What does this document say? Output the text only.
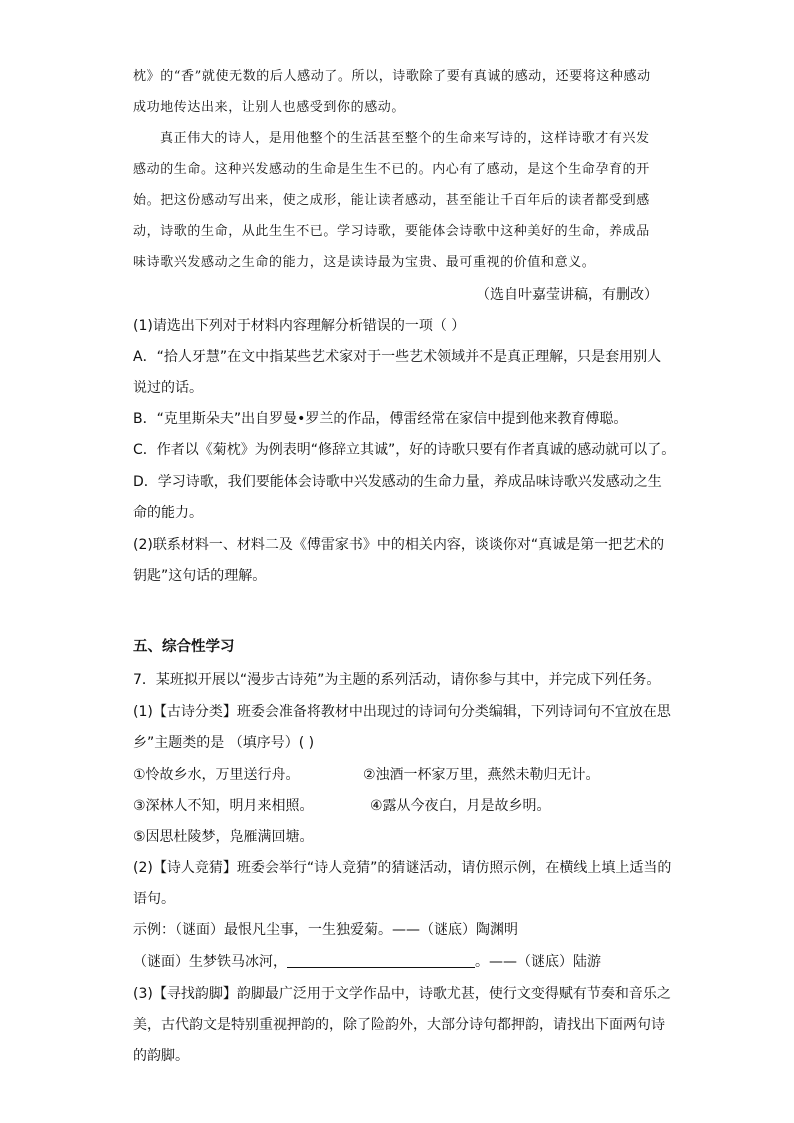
枕》的“香”就使无数的后人感动了。所以，诗歌除了要有真诚的感动，还要将这种感动
成功地传达出来，让别人也感受到你的感动。
真正伟大的诗人，是用他整个的生活甚至整个的生命来写诗的，这样诗歌才有兴发
感动的生命。这种兴发感动的生命是生生不已的。内心有了感动，是这个生命孕育的开
始。把这份感动写出来，使之成形，能让读者感动，甚至能让千百年后的读者都受到感
动，诗歌的生命，从此生生不已。学习诗歌，要能体会诗歌中这种美好的生命，养成品
味诗歌兴发感动之生命的能力，这是读诗最为宝贵、最可重视的价值和意义。
（选自叶嘉莹讲稿，有删改）
(1)请选出下列对于材料内容理解分析错误的一项（ ）
A．“拾人牙慧”在文中指某些艺术家对于一些艺术领域并不是真正理解，只是套用别人
说过的话。
B．“克里斯朵夫”出自罗曼•罗兰的作品，傅雷经常在家信中提到他来教育傅聪。
C．作者以《菊枕》为例表明“修辞立其诚”，好的诗歌只要有作者真诚的感动就可以了。
D．学习诗歌，我们要能体会诗歌中兴发感动的生命力量，养成品味诗歌兴发感动之生
命的能力。
(2)联系材料一、材料二及《傅雷家书》中的相关内容，谈谈你对“真诚是第一把艺术的
钥匙”这句话的理解。
五、综合性学习
7．某班拟开展以“漫步古诗苑”为主题的系列活动，请你参与其中，并完成下列任务。
(1)【古诗分类】班委会准备将教材中出现过的诗词句分类编辑，下列诗词句不宜放在思
乡”主题类的是 （填序号）( )
①怜故乡水，万里送行舟。	②浊酒一杯家万里，燕然未勒归无计。
③深林人不知，明月来相照。	④露从今夜白，月是故乡明。
⑤因思杜陵梦，凫雁满回塘。
(2)【诗人竞猜】班委会举行“诗人竞猜”的猜谜活动，请仿照示例，在横线上填上适当的
语句。
示例：（谜面）最恨凡尘事，一生独爱菊。——（谜底）陶渊明
（谜面）生梦铁马冰河，	。——（谜底）陆游
(3)【寻找韵脚】韵脚最广泛用于文学作品中，诗歌尤甚，使行文变得赋有节奏和音乐之
美，古代韵文是特别重视押韵的，除了险韵外，大部分诗句都押韵，请找出下面两句诗
的韵脚。
